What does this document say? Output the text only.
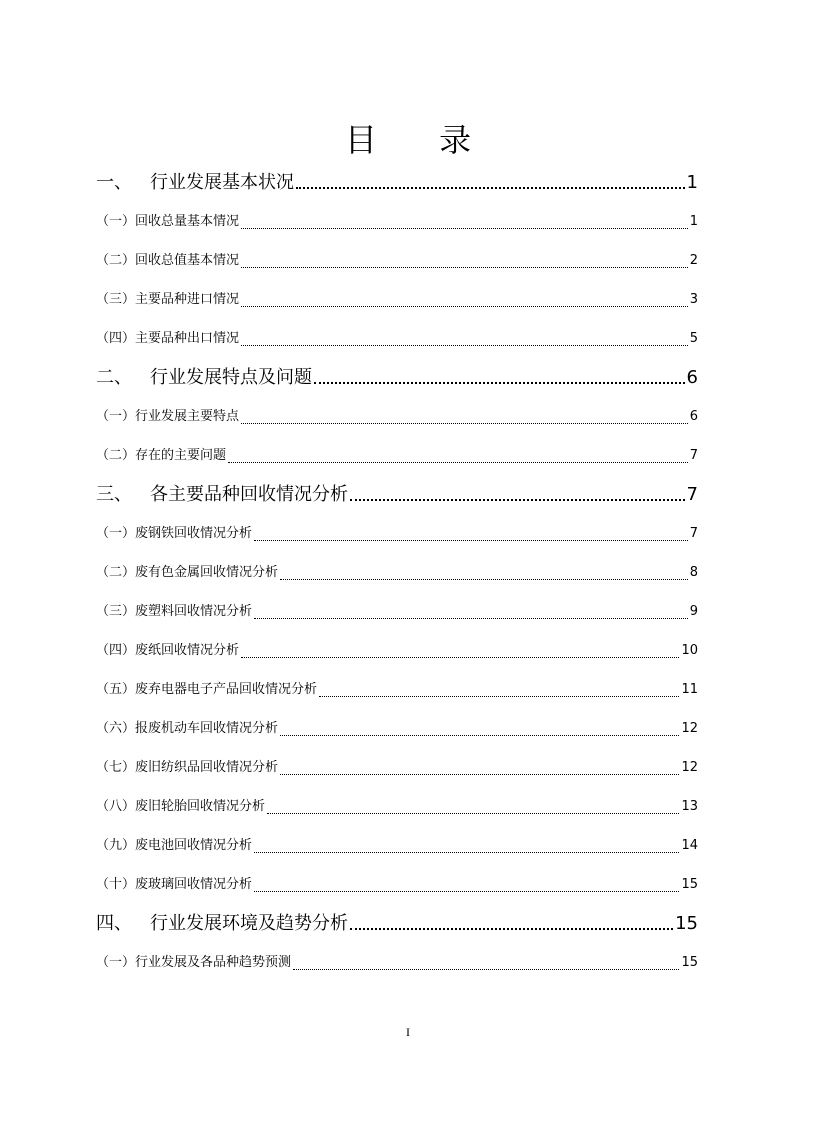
目 录
一、	行业发展基本状况	1
（一）回收总量基本情况	1
（二）回收总值基本情况	2
（三）主要品种进口情况	3
（四）主要品种出口情况	5
二、	行业发展特点及问题	6
（一）行业发展主要特点	6
（二）存在的主要问题	7
三、	各主要品种回收情况分析	7
（一）废钢铁回收情况分析	7
（二）废有色金属回收情况分析	8
（三）废塑料回收情况分析	9
（四）废纸回收情况分析	10
（五）废弃电器电子产品回收情况分析	11
（六）报废机动车回收情况分析	12
（七）废旧纺织品回收情况分析	12
（八）废旧轮胎回收情况分析	13
（九）废电池回收情况分析	14
（十）废玻璃回收情况分析	15
四、	行业发展环境及趋势分析	15
（一）行业发展及各品种趋势预测	15
I
